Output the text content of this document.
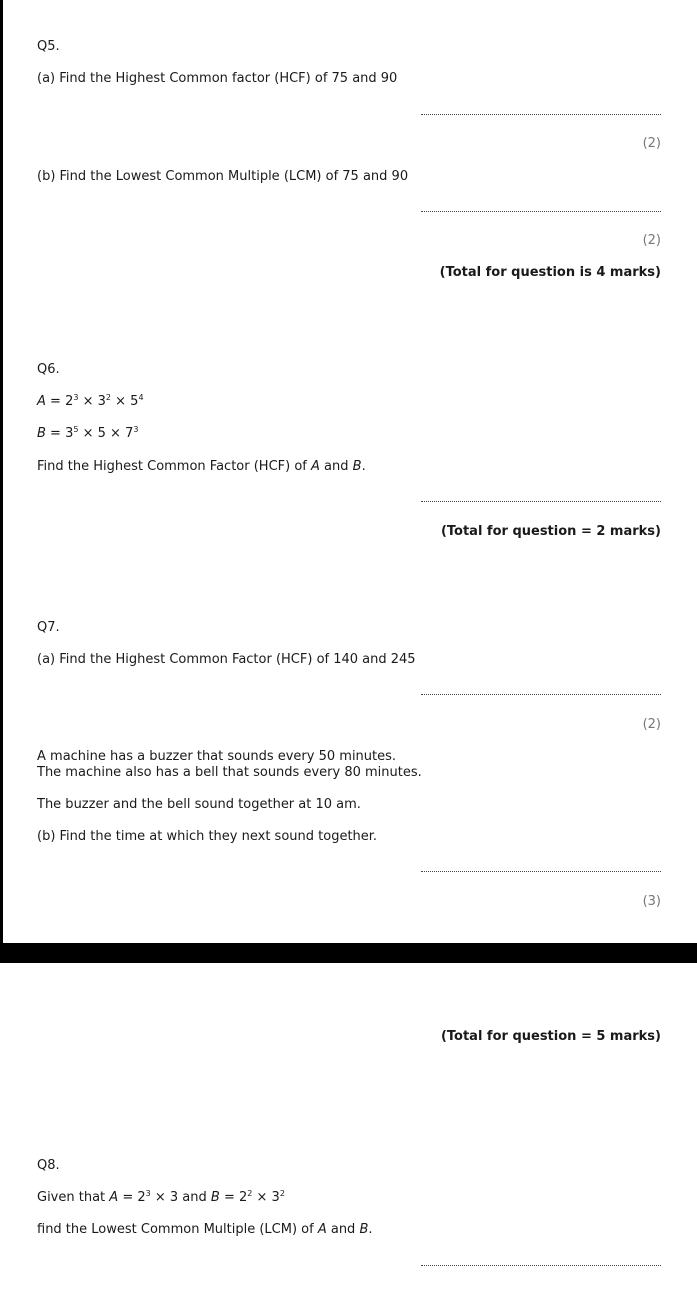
Q5.
(a) Find the Highest Common factor (HCF) of 75 and 90
(2)
(b) Find the Lowest Common Multiple (LCM) of 75 and 90
(2)
(Total for question is 4 marks)
Q6.
$A = 2^3 \times 3^2 \times 5^4$
$B = 3^5 \times 5 \times 7^3$
Find the Highest Common Factor (HCF) of A and B.
(Total for question = 2 marks)
Q7.
(a) Find the Highest Common Factor (HCF) of 140 and 245
(2)
A machine has a buzzer that sounds every 50 minutes.
The machine also has a bell that sounds every 80 minutes.
The buzzer and the bell sound together at 10 am.
(b) Find the time at which they next sound together.
(3)
(Total for question = 5 marks)
Q8.
Given that $A = 2^3 \times 3$ and $B = 2^2 \times 3^2$
find the Lowest Common Multiple (LCM) of A and B.
